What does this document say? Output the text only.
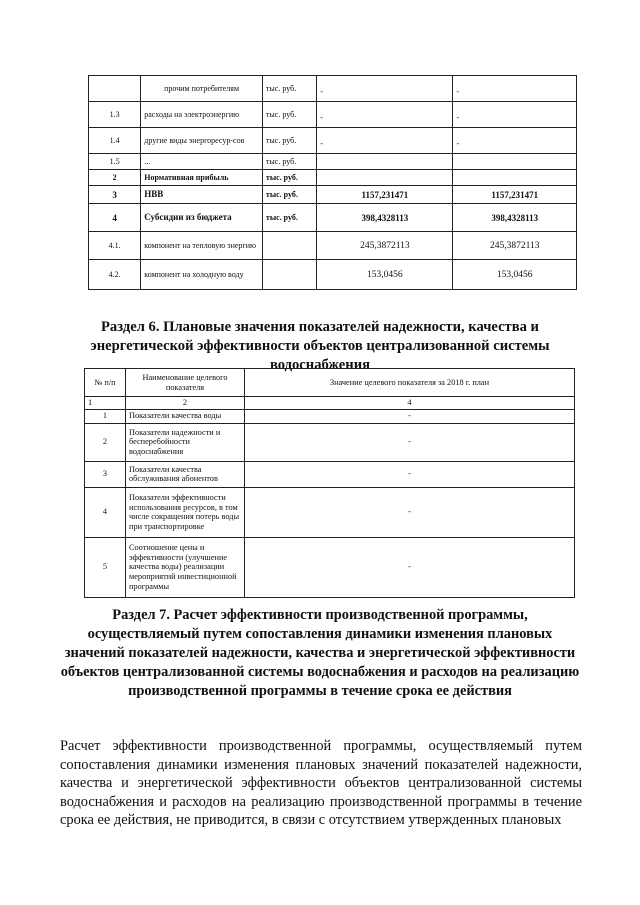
	прочим потребителям	тыс. руб.	-	-
1.3	расходы на электроэнергию	тыс. руб.	-	-
1.4	другие виды энергоресур-сов	тыс. руб.	-	-
1.5	...	тыс. руб.		
2	Нормативная прибыль	тыс. руб.		
3	НВВ	тыс. руб.	1157,231471	1157,231471
4	Субсидии из бюджета	тыс. руб.	398,4328113	398,4328113
4.1.	компонент на тепловую энергию		245,3872113	245,3872113
4.2.	компонент на холодную воду		153,0456	153,0456
Раздел 6. Плановые значения показателей надежности, качества и энергетической эффективности объектов централизованной системы водоснабжения
№ п/п	Наименование целевого показателя	Значение целевого показателя за 2018 г. план
1	2	4
1	Показатели качества воды	-
2	Показатели надежности и бесперебойности водоснабжения	-
3	Показатели качества обслуживания абонентов	-
4	Показатели эффективности использования ресурсов, в том числе сокращения потерь воды при транспортировке	-
5	Соотношение цены и эффективности (улучшение качества воды) реализации мероприятий инвестиционной программы	-
Раздел 7. Расчет эффективности производственной программы, осуществляемый путем сопоставления динамики изменения плановых значений показателей надежности, качества и энергетической эффективности объектов централизованной системы водоснабжения и расходов на реализацию производственной программы в течение срока ее действия

Расчет эффективности производственной программы, осуществляемый путем сопоставления динамики изменения плановых значений показателей надежности, качества и энергетической эффективности объектов централизованной системы водоснабжения и расходов на реализацию производственной программы в течение срока ее действия, не приводится, в связи с отсутствием утвержденных плановых
